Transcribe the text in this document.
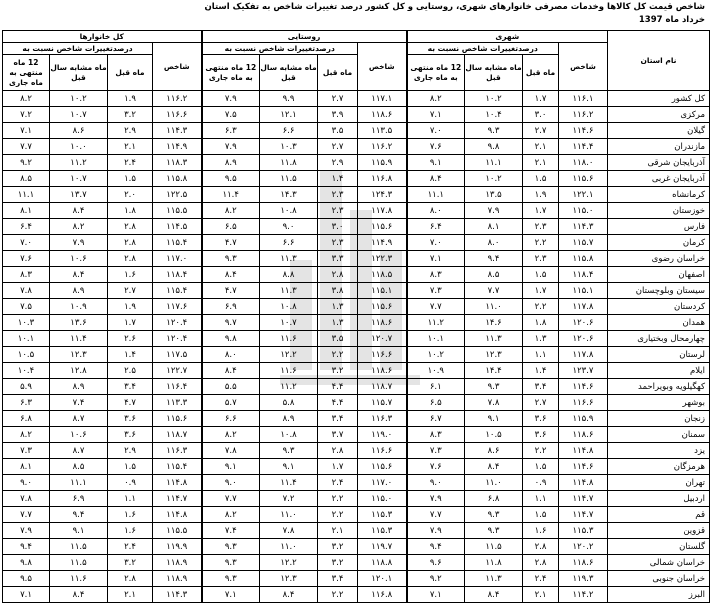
شاخص قیمت کل کالاها وخدمات مصرفی خانوارهای شهری، روستایی و کل کشور درصد تغییرات شاخص به تفکیک استان
خرداد ماه 1397
نام استان	شهری				روستایی				کل خانوارها			
	شاخص	درصدتغییرات شاخص نسبت به			شاخص	درصدتغییرات شاخص نسبت به			شاخص	درصدتغییرات شاخص نسبت به		
		ماه قبل	ماه مشابه سال قبل	12 ماه منتهی به ماه جاری		ماه قبل	ماه مشابه سال قبل	12 ماه منتهی به ماه جاری		ماه قبل	ماه مشابه سال قبل	12 ماه منتهی به ماه جاری
کل کشور	۱۱۶.۱	۱.۷	۱۰.۲	۸.۲	۱۱۷.۱	۲.۷	۹.۹	۷.۹	۱۱۶.۲	۱.۹	۱۰.۲	۸.۲
مرکزی	۱۱۶.۲	۳.۰	۱۰.۴	۷.۱	۱۱۸.۶	۳.۹	۱۲.۱	۷.۵	۱۱۶.۶	۳.۲	۱۰.۷	۷.۲
گیلان	۱۱۴.۶	۲.۷	۹.۳	۷.۰	۱۱۳.۵	۳.۵	۶.۶	۶.۳	۱۱۴.۳	۲.۹	۸.۶	۷.۱
مازندران	۱۱۴.۴	۲.۱	۹.۸	۷.۶	۱۱۶.۲	۲.۷	۱۰.۳	۷.۹	۱۱۴.۹	۲.۱	۱۰.۰	۷.۷
آذربایجان شرقی	۱۱۸.۰	۲.۱	۱۱.۱	۹.۱	۱۱۵.۹	۲.۹	۱۱.۸	۸.۹	۱۱۸.۳	۲.۴	۱۱.۲	۹.۲
آذربایجان غربی	۱۱۵.۶	۱.۵	۱۰.۲	۸.۴	۱۱۶.۸	۱.۴	۱۱.۵	۹.۵	۱۱۵.۸	۱.۵	۱۰.۷	۸.۵
کرمانشاه	۱۲۲.۱	۱.۹	۱۳.۵	۱۱.۱	۱۲۴.۳	۲.۳	۱۴.۳	۱۱.۴	۱۲۲.۵	۲.۰	۱۳.۷	۱۱.۱
خوزستان	۱۱۵.۰	۱.۷	۷.۹	۸.۰	۱۱۷.۸	۲.۳	۱۰.۸	۸.۲	۱۱۵.۵	۱.۸	۸.۴	۸.۱
فارس	۱۱۴.۳	۲.۳	۸.۱	۶.۴	۱۱۵.۶	۳.۰	۹.۰	۶.۵	۱۱۴.۵	۲.۸	۸.۲	۶.۴
کرمان	۱۱۵.۷	۲.۲	۸.۰	۷.۰	۱۱۴.۹	۲.۳	۶.۶	۴.۷	۱۱۵.۴	۲.۸	۷.۹	۷.۰
خراسان رضوی	۱۱۵.۸	۲.۳	۹.۴	۷.۱	۱۲۲.۳	۳.۳	۱۱.۳	۹.۳	۱۱۷.۰	۲.۸	۱۰.۶	۷.۶
اصفهان	۱۱۸.۴	۱.۵	۸.۵	۸.۳	۱۱۸.۵	۲.۸	۸.۸	۸.۴	۱۱۸.۴	۱.۶	۸.۴	۸.۳
سیستان وبلوچستان	۱۱۵.۱	۱.۷	۷.۷	۷.۳	۱۱۵.۱	۳.۸	۱۱.۳	۴.۷	۱۱۵.۴	۲.۷	۸.۹	۷.۸
کردستان	۱۱۷.۸	۲.۲	۱۱.۰	۷.۷	۱۱۵.۶	۱.۳	۱۰.۸	۶.۹	۱۱۷.۶	۱.۹	۱۰.۹	۷.۵
همدان	۱۲۰.۶	۱.۸	۱۴.۶	۱۱.۲	۱۱۸.۶	۱.۳	۱۰.۷	۹.۷	۱۲۰.۴	۱.۷	۱۳.۶	۱۰.۳
چهارمحال وبختیاری	۱۲۰.۶	۱.۳	۱۱.۳	۱۰.۱	۱۲۰.۷	۳.۵	۱۱.۶	۹.۸	۱۲۰.۴	۲.۶	۱۱.۴	۱۰.۱
لرستان	۱۱۷.۸	۱.۱	۱۲.۳	۱۰.۲	۱۱۶.۶	۲.۲	۱۲.۲	۸.۰	۱۱۷.۵	۱.۴	۱۲.۳	۱۰.۵
ایلام	۱۲۳.۷	۱.۴	۱۴.۴	۱۰.۹	۱۱۸.۶	۳.۲	۱۱.۶	۸.۴	۱۲۲.۷	۲.۵	۱۲.۸	۱۰.۴
کهگیلویه وبویراحمد	۱۱۴.۶	۳.۴	۹.۳	۶.۱	۱۱۸.۷	۴.۴	۱۱.۲	۵.۵	۱۱۶.۴	۳.۴	۸.۹	۵.۹
بوشهر	۱۱۶.۶	۲.۷	۷.۸	۶.۵	۱۱۵.۷	۴.۴	۵.۸	۵.۷	۱۱۳.۳	۴.۷	۷.۴	۶.۳
زنجان	۱۱۵.۹	۳.۶	۹.۱	۶.۷	۱۱۶.۳	۳.۴	۸.۹	۶.۶	۱۱۵.۶	۳.۶	۸.۷	۶.۸
سمنان	۱۱۸.۶	۳.۶	۱۰.۵	۸.۳	۱۱۹.۰	۳.۷	۱۰.۸	۸.۲	۱۱۸.۷	۳.۶	۱۰.۶	۸.۲
یزد	۱۱۴.۸	۲.۲	۸.۶	۷.۳	۱۱۶.۶	۲.۸	۹.۳	۷.۸	۱۱۶.۳	۲.۹	۸.۷	۷.۳
هرمزگان	۱۱۴.۶	۱.۵	۸.۴	۷.۶	۱۱۵.۶	۱.۷	۹.۱	۹.۱	۱۱۵.۴	۱.۵	۸.۵	۸.۱
تهران	۱۱۴.۸	۰.۹	۱۱.۰	۹.۰	۱۱۷.۰	۲.۴	۱۱.۴	۹.۰	۱۱۴.۸	۰.۹	۱۱.۱	۹.۰
اردبیل	۱۱۴.۷	۱.۱	۶.۸	۷.۹	۱۱۵.۰	۲.۲	۷.۲	۷.۷	۱۱۴.۷	۱.۱	۶.۹	۷.۸
قم	۱۱۴.۷	۱.۵	۹.۳	۷.۷	۱۱۵.۳	۲.۲	۱۱.۰	۸.۲	۱۱۴.۸	۱.۶	۹.۴	۷.۷
قزوین	۱۱۵.۳	۱.۶	۹.۳	۷.۹	۱۱۵.۳	۲.۱	۷.۸	۷.۴	۱۱۵.۵	۱.۶	۹.۱	۷.۹
گلستان	۱۲۰.۲	۲.۸	۱۱.۵	۹.۴	۱۱۹.۷	۳.۲	۱۱.۰	۹.۳	۱۱۹.۹	۲.۴	۱۱.۵	۹.۴
خراسان شمالی	۱۱۸.۶	۲.۸	۱۱.۸	۹.۶	۱۱۸.۸	۳.۲	۱۲.۲	۹.۳	۱۱۸.۹	۳.۲	۱۱.۵	۹.۸
خراسان جنوبی	۱۱۹.۳	۲.۴	۱۱.۳	۹.۲	۱۲۰.۱	۳.۴	۱۲.۳	۹.۳	۱۱۸.۹	۲.۸	۱۱.۶	۹.۵
البرز	۱۱۴.۲	۲.۱	۸.۴	۷.۱	۱۱۶.۸	۲.۲	۸.۴	۷.۱	۱۱۴.۳	۲.۱	۸.۴	۷.۱
